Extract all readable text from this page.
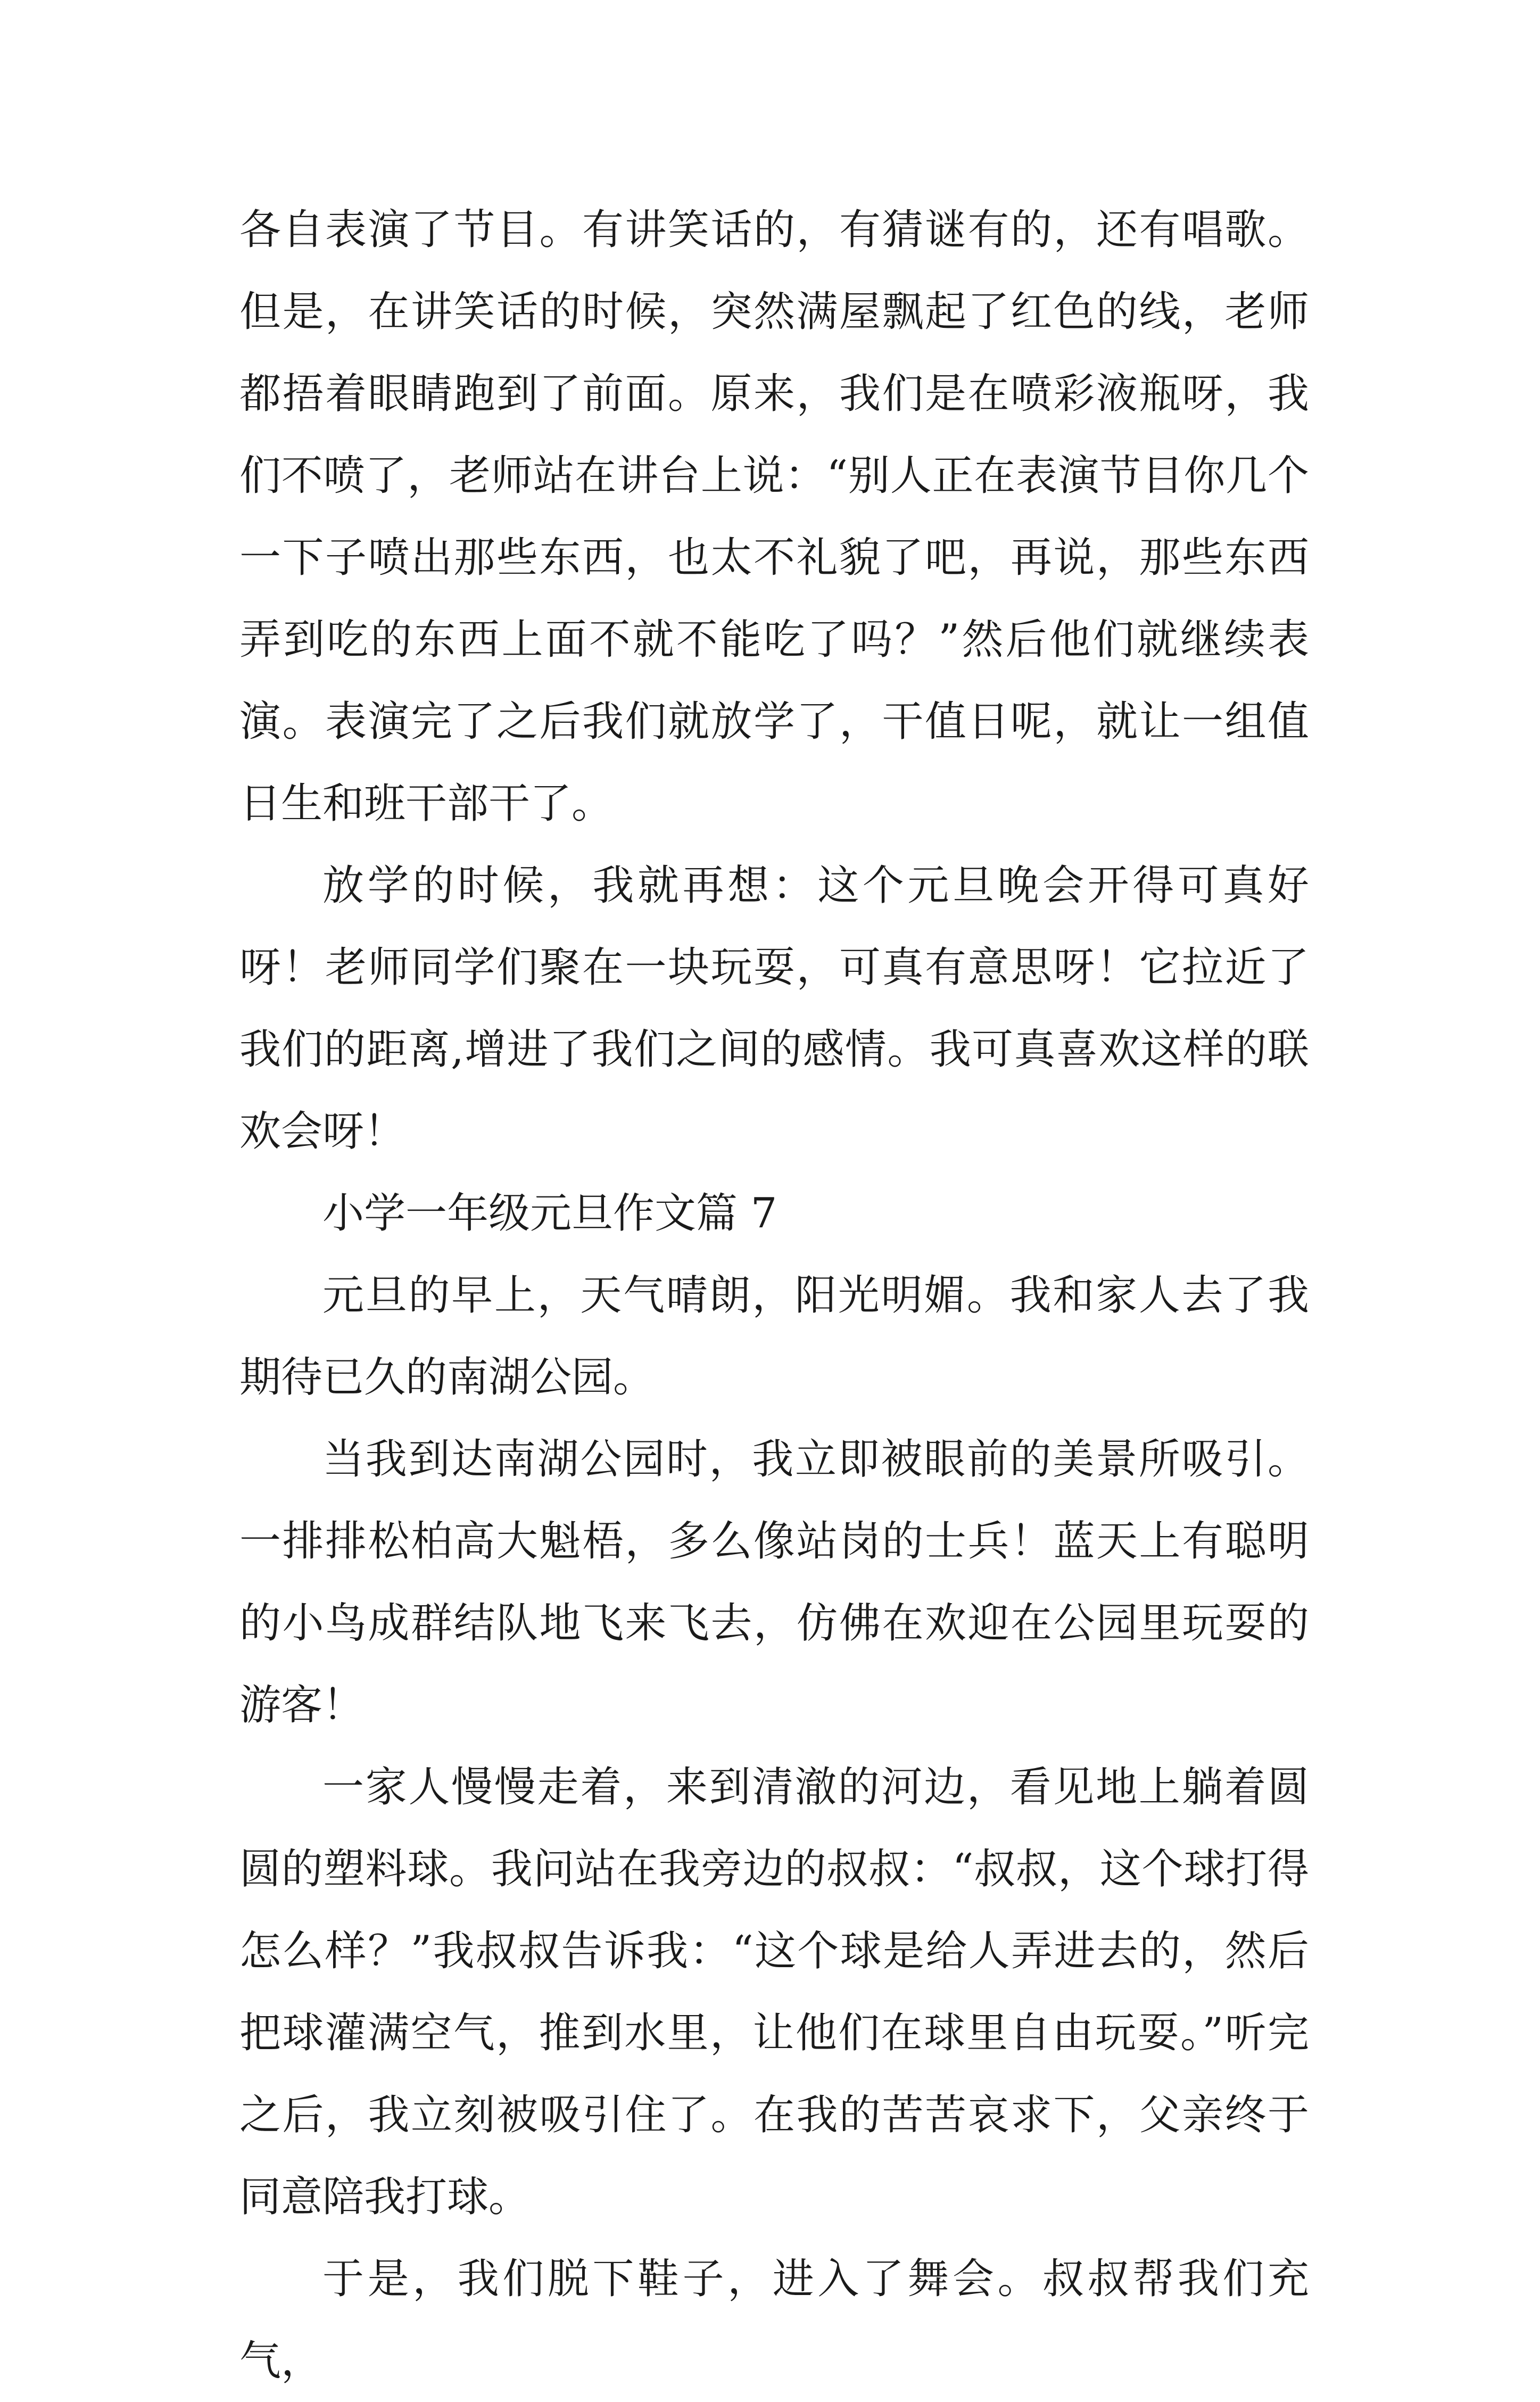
各自表演了节目。有讲笑话的，有猜谜有的，还有唱歌。但是，在讲笑话的时候，突然满屋飘起了红色的线，老师都捂着眼睛跑到了前面。原来，我们是在喷彩液瓶呀，我们不喷了，老师站在讲台上说：“别人正在表演节目你几个一下子喷出那些东西，也太不礼貌了吧，再说，那些东西弄到吃的东西上面不就不能吃了吗？”然后他们就继续表演。表演完了之后我们就放学了，干值日呢，就让一组值日生和班干部干了。

放学的时候，我就再想：这个元旦晚会开得可真好呀！老师同学们聚在一块玩耍，可真有意思呀！它拉近了我们的距离,增进了我们之间的感情。我可真喜欢这样的联欢会呀！

小学一年级元旦作文篇 7

元旦的早上，天气晴朗，阳光明媚。我和家人去了我期待已久的南湖公园。

当我到达南湖公园时，我立即被眼前的美景所吸引。一排排松柏高大魁梧，多么像站岗的士兵！蓝天上有聪明的小鸟成群结队地飞来飞去，仿佛在欢迎在公园里玩耍的游客！

一家人慢慢走着，来到清澈的河边，看见地上躺着圆圆的塑料球。我问站在我旁边的叔叔：“叔叔，这个球打得怎么样？”我叔叔告诉我：“这个球是给人弄进去的，然后把球灌满空气，推到水里，让他们在球里自由玩耍。”听完之后，我立刻被吸引住了。在我的苦苦哀求下，父亲终于同意陪我打球。

于是，我们脱下鞋子，进入了舞会。叔叔帮我们充气，
